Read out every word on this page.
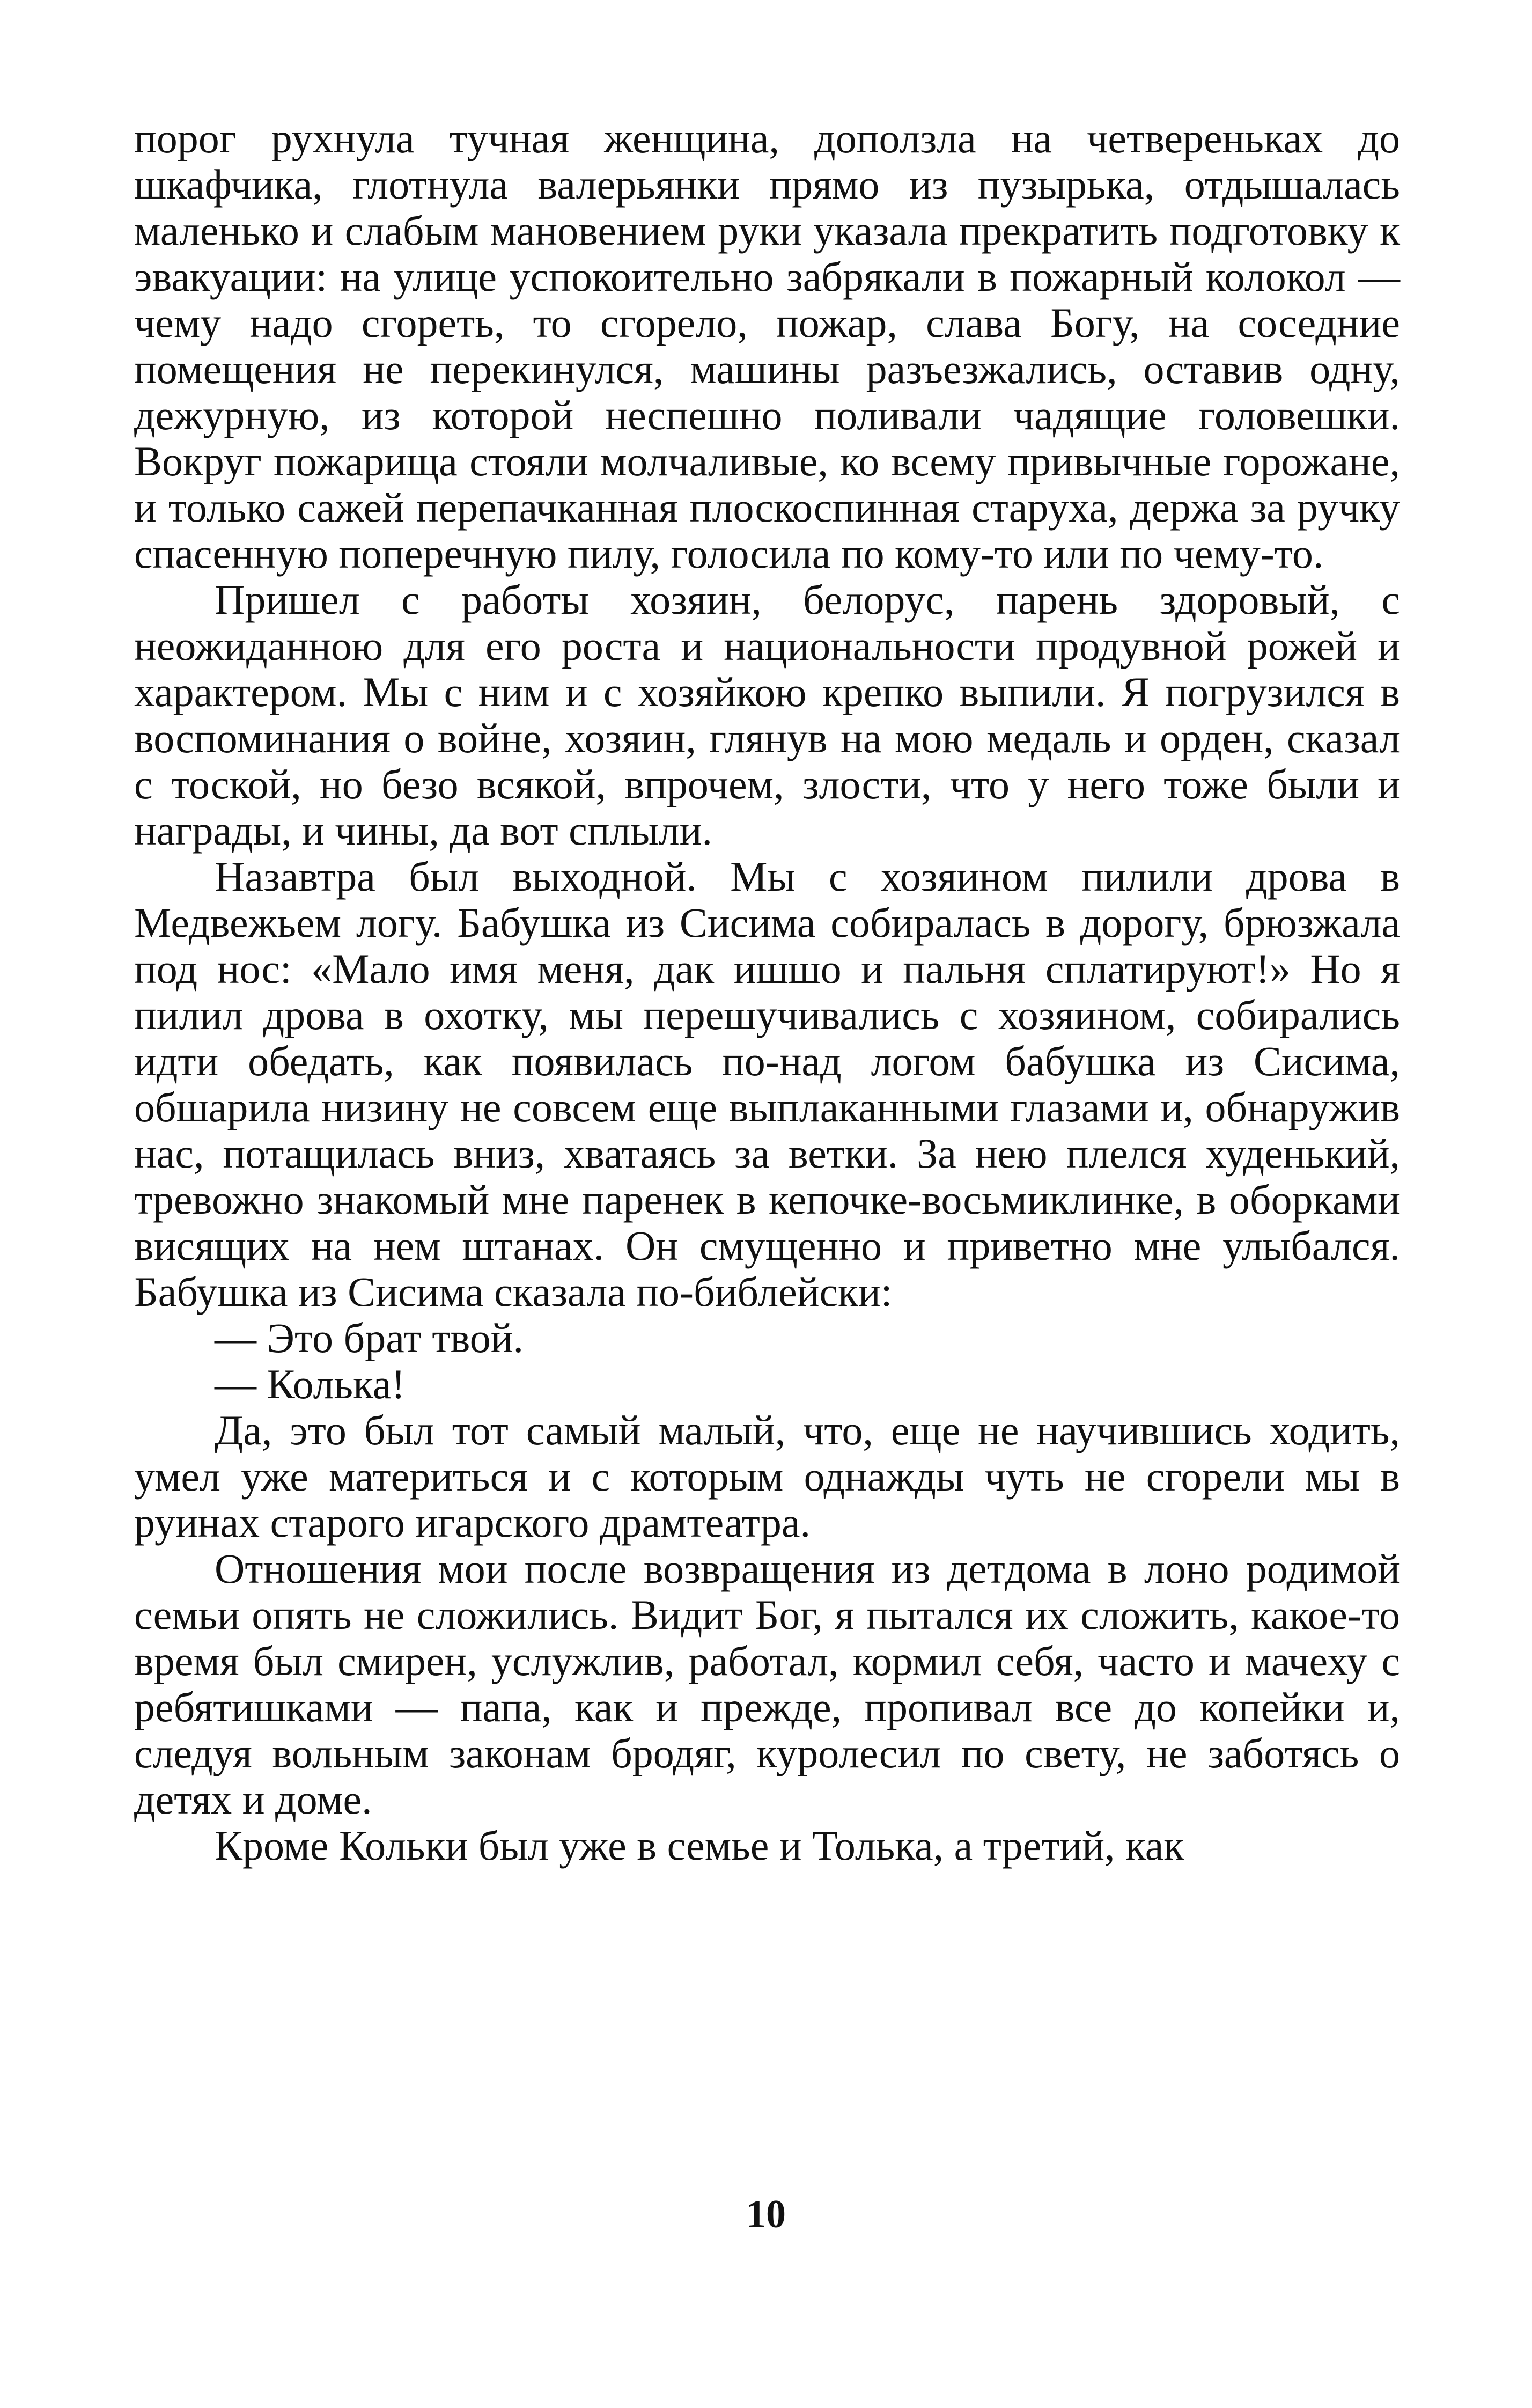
порог рухнула тучная женщина, доползла на четвереньках до шкафчика, глотнула валерьянки прямо из пузырька, отдышалась маленько и слабым мановением руки указала прекратить подготовку к эвакуации: на улице успокоительно забрякали в пожарный колокол — чему надо сгореть, то сгорело, пожар, слава Богу, на соседние помещения не перекинулся, машины разъезжались, оставив одну, дежурную, из которой неспешно поливали чадящие головешки. Вокруг пожарища стояли молчаливые, ко всему привычные горожане, и только сажей перепачканная плоскоспинная старуха, держа за ручку спасенную поперечную пилу, голосила по кому-то или по чему-то.

Пришел с работы хозяин, белорус, парень здоровый, с неожиданною для его роста и национальности продувной рожей и характером. Мы с ним и с хозяйкою крепко выпили. Я погрузился в воспоминания о войне, хозяин, глянув на мою медаль и орден, сказал с тоской, но безо всякой, впрочем, злости, что у него тоже были и награды, и чины, да вот сплыли.

Назавтра был выходной. Мы с хозяином пилили дрова в Медвежьем логу. Бабушка из Сисима собиралась в дорогу, брюзжала под нос: «Мало имя меня, дак ишшо и пальня сплатируют!» Но я пилил дрова в охотку, мы перешучивались с хозяином, собирались идти обедать, как появилась по-над логом бабушка из Сисима, обшарила низину не совсем еще выплаканными глазами и, обнаружив нас, потащилась вниз, хватаясь за ветки. За нею плелся худенький, тревожно знакомый мне паренек в кепочке-восьмиклинке, в оборками висящих на нем штанах. Он смущенно и приветно мне улыбался. Бабушка из Сисима сказала по-библейски:

— Это брат твой.

— Колька!

Да, это был тот самый малый, что, еще не научившись ходить, умел уже материться и с которым однажды чуть не сгорели мы в руинах старого игарского драмтеатра.

Отношения мои после возвращения из детдома в лоно родимой семьи опять не сложились. Видит Бог, я пытался их сложить, какое-то время был смирен, услужлив, работал, кормил себя, часто и мачеху с ребятишками — папа, как и прежде, пропивал все до копейки и, следуя вольным законам бродяг, куролесил по свету, не заботясь о детях и доме.

Кроме Кольки был уже в семье и Толька, а третий, как

10
